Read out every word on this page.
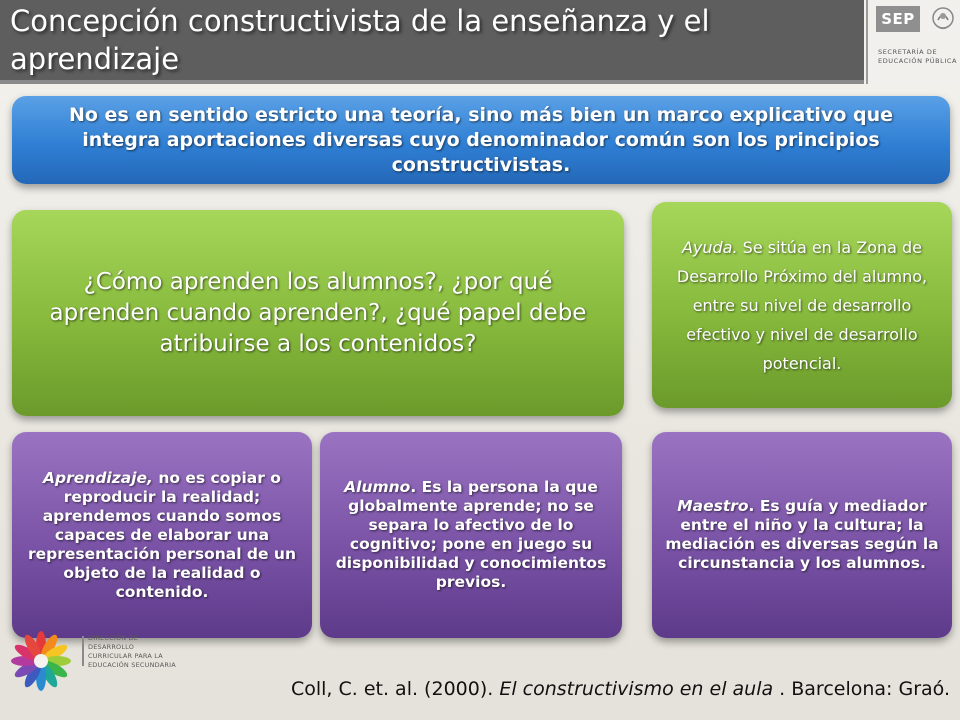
Concepción constructivista de la enseñanza y el aprendizaje
SEP
SECRETARÍA DE
EDUCACIÓN PÚBLICA
No es en sentido estricto una teoría, sino más bien un marco explicativo que integra aportaciones diversas cuyo denominador común son los principios constructivistas.
¿Cómo aprenden los alumnos?, ¿por qué aprenden cuando aprenden?, ¿qué papel debe atribuirse a los contenidos?
Ayuda. Se sitúa en la Zona de Desarrollo Próximo del alumno, entre su nivel de desarrollo efectivo y nivel de desarrollo potencial.
Aprendizaje, no es copiar o reproducir la realidad; aprendemos cuando somos capaces de elaborar una representación personal de un objeto de la realidad o contenido.
Alumno. Es la persona la que globalmente aprende; no se separa lo afectivo de lo cognitivo; pone en juego su disponibilidad y conocimientos previos.
Maestro. Es guía y mediador entre el niño y la cultura; la mediación es diversas según la circunstancia y los alumnos.
DIRECCIÓN DE DESARROLLO
CURRICULAR PARA LA
EDUCACIÓN SECUNDARIA
Coll, C. et. al. (2000). El constructivismo en el aula . Barcelona: Graó.
